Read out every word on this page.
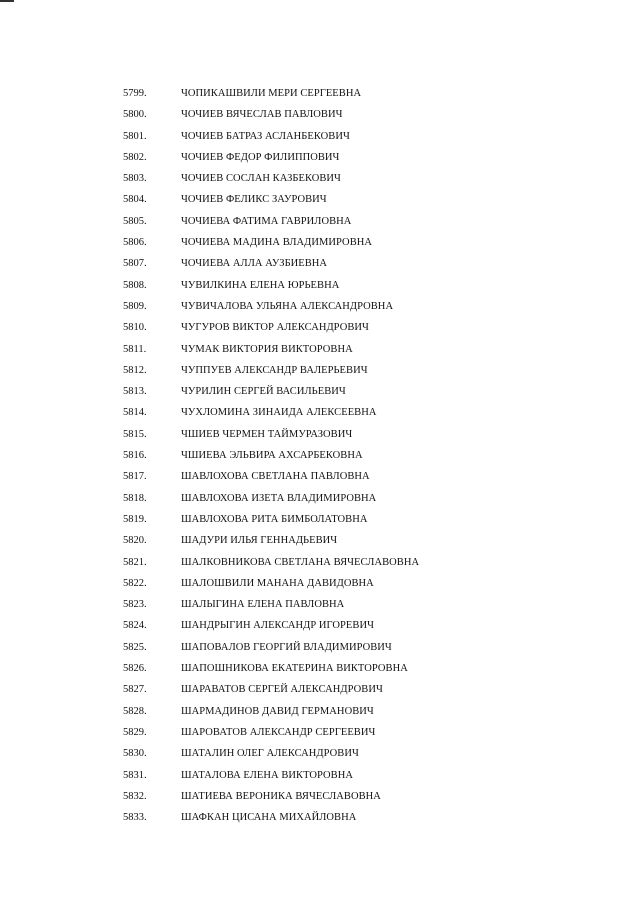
5799.	ЧОПИКАШВИЛИ МЕРИ СЕРГЕЕВНА
5800.	ЧОЧИЕВ ВЯЧЕСЛАВ ПАВЛОВИЧ
5801.	ЧОЧИЕВ БАТРАЗ АСЛАНБЕКОВИЧ
5802.	ЧОЧИЕВ ФЕДОР ФИЛИППОВИЧ
5803.	ЧОЧИЕВ СОСЛАН КАЗБЕКОВИЧ
5804.	ЧОЧИЕВ ФЕЛИКС ЗАУРОВИЧ
5805.	ЧОЧИЕВА ФАТИМА ГАВРИЛОВНА
5806.	ЧОЧИЕВА МАДИНА ВЛАДИМИРОВНА
5807.	ЧОЧИЕВА АЛЛА АУЗБИЕВНА
5808.	ЧУВИЛКИНА ЕЛЕНА ЮРЬЕВНА
5809.	ЧУВИЧАЛОВА УЛЬЯНА АЛЕКСАНДРОВНА
5810.	ЧУГУРОВ ВИКТОР АЛЕКСАНДРОВИЧ
5811.	ЧУМАК ВИКТОРИЯ ВИКТОРОВНА
5812.	ЧУППУЕВ АЛЕКСАНДР ВАЛЕРЬЕВИЧ
5813.	ЧУРИЛИН СЕРГЕЙ ВАСИЛЬЕВИЧ
5814.	ЧУХЛОМИНА ЗИНАИДА АЛЕКСЕЕВНА
5815.	ЧШИЕВ ЧЕРМЕН ТАЙМУРАЗОВИЧ
5816.	ЧШИЕВА ЭЛЬВИРА АХСАРБЕКОВНА
5817.	ШАВЛОХОВА СВЕТЛАНА ПАВЛОВНА
5818.	ШАВЛОХОВА ИЗЕТА ВЛАДИМИРОВНА
5819.	ШАВЛОХОВА РИТА БИМБОЛАТОВНА
5820.	ШАДУРИ ИЛЬЯ ГЕННАДЬЕВИЧ
5821.	ШАЛКОВНИКОВА СВЕТЛАНА ВЯЧЕСЛАВОВНА
5822.	ШАЛОШВИЛИ МАНАНА ДАВИДОВНА
5823.	ШАЛЫГИНА ЕЛЕНА ПАВЛОВНА
5824.	ШАНДРЫГИН АЛЕКСАНДР ИГОРЕВИЧ
5825.	ШАПОВАЛОВ ГЕОРГИЙ ВЛАДИМИРОВИЧ
5826.	ШАПОШНИКОВА ЕКАТЕРИНА ВИКТОРОВНА
5827.	ШАРАВАТОВ СЕРГЕЙ АЛЕКСАНДРОВИЧ
5828.	ШАРМАДИНОВ ДАВИД ГЕРМАНОВИЧ
5829.	ШАРОВАТОВ АЛЕКСАНДР СЕРГЕЕВИЧ
5830.	ШАТАЛИН ОЛЕГ АЛЕКСАНДРОВИЧ
5831.	ШАТАЛОВА ЕЛЕНА ВИКТОРОВНА
5832.	ШАТИЕВА ВЕРОНИКА ВЯЧЕСЛАВОВНА
5833.	ШАФКАН ЦИСАНА МИХАЙЛОВНА
